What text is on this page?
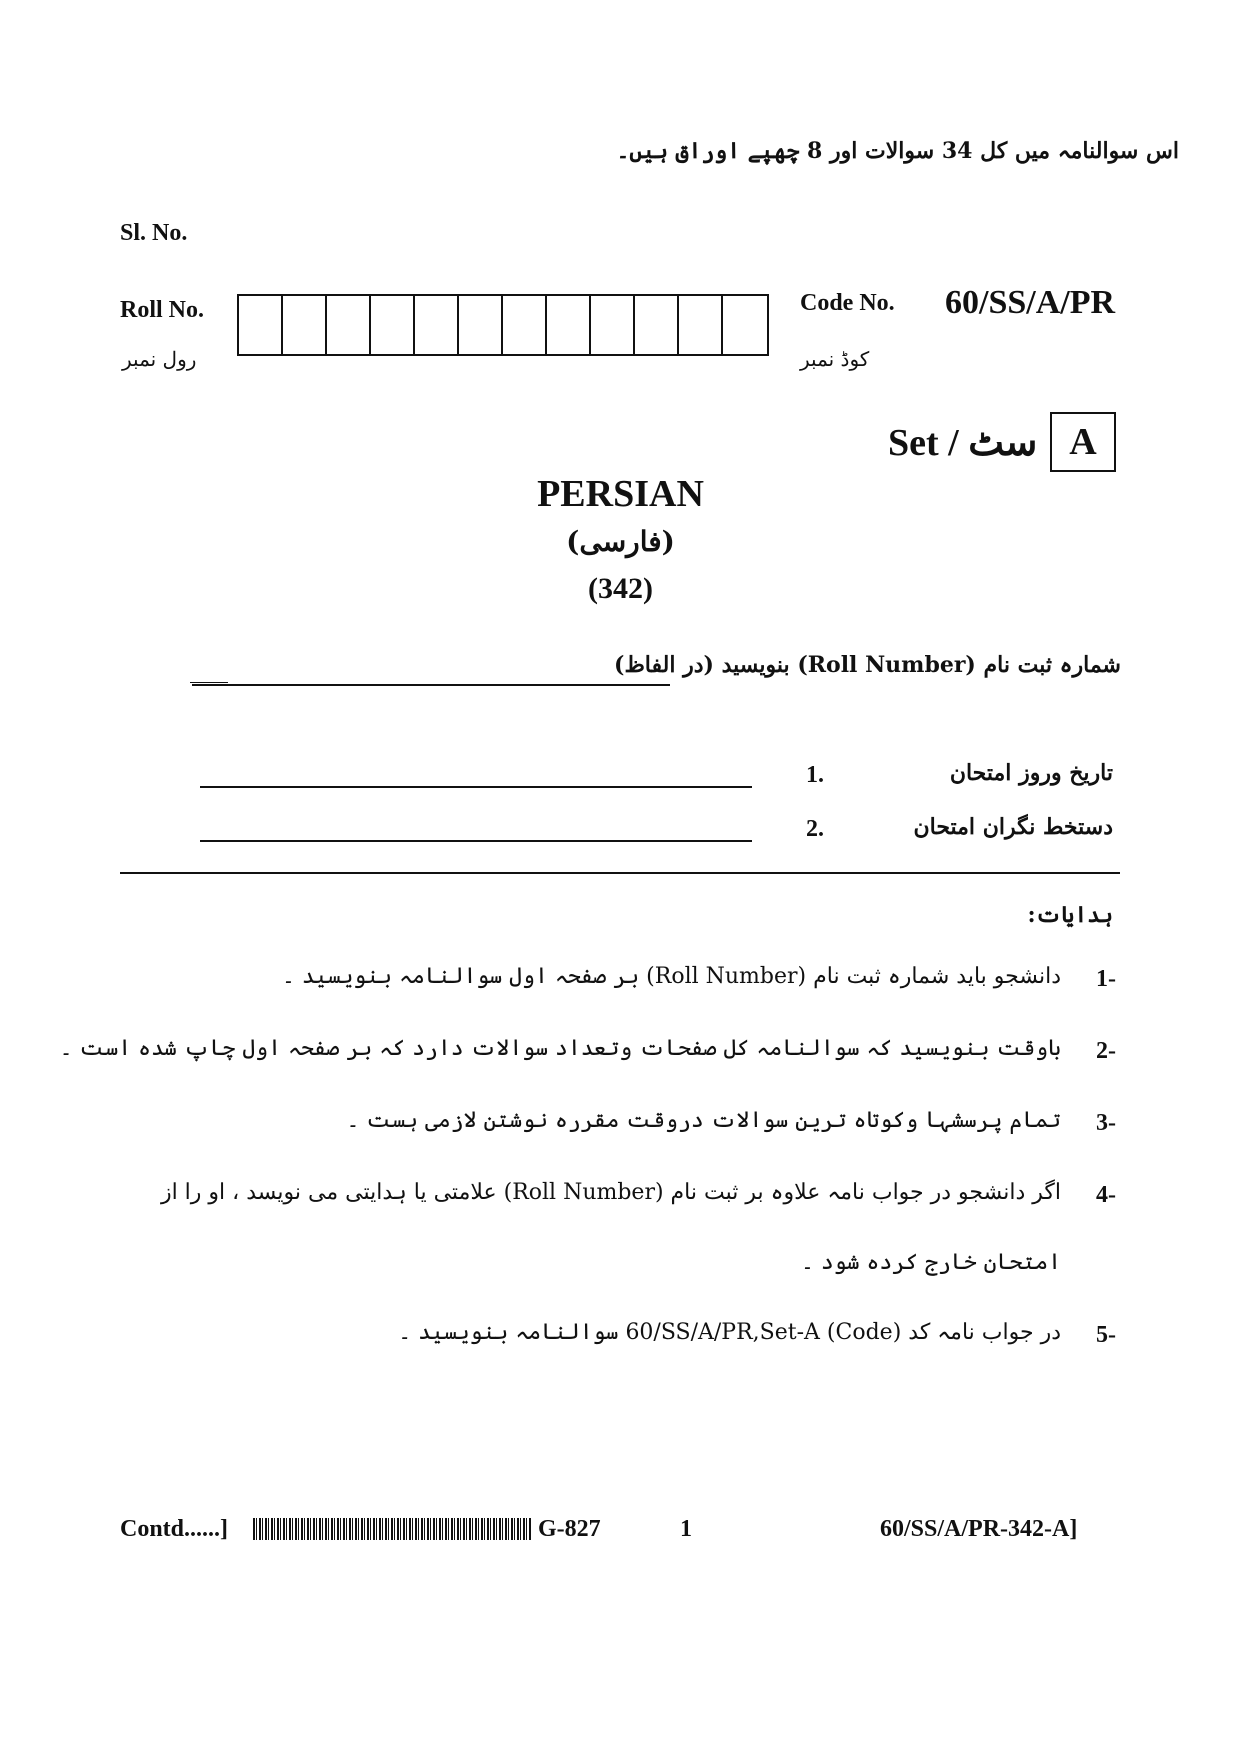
اس سوالنامہ میں کل 34 سوالات اور 8 چھپے اوراق ہیں۔
Sl. No.
Roll No.
رول نمبر
Code No. 60/SS/A/PR
کوڈ نمبر
Set / سٹ A
PERSIAN
(فارسی)
(342)
شمارہ ثبت نام (Roll Number) بنویسید (در الفاظ)
1.	تاریخ وروز امتحان
2.	دستخط نگران امتحان
ہدایات:
1-
دانشجو باید شمارہ ثبت نام (Roll Number) بر صفحہ اول سوالنامہ بنویسید ۔
2-
باوقت بنویسید کہ سوالنامہ کل صفحات وتعداد سوالات دارد کہ بر صفحہ اول چاپ شدہ است ۔
3-
تمام پرسشہا وکوتاہ ترین سوالات دروقت مقررہ نوشتن لازمی ہست ۔
4-
اگر دانشجو در جواب نامہ علاوہ بر ثبت نام (Roll Number) علامتی یا ہدایتی می نویسد ، او را از
امتحان خارج کردہ شود ۔
5-
در جواب نامہ کد (Code) 60/SS/A/PR,Set-A سوالنامہ بنویسید ۔
Contd......]	G-827	1	60/SS/A/PR-342-A]
